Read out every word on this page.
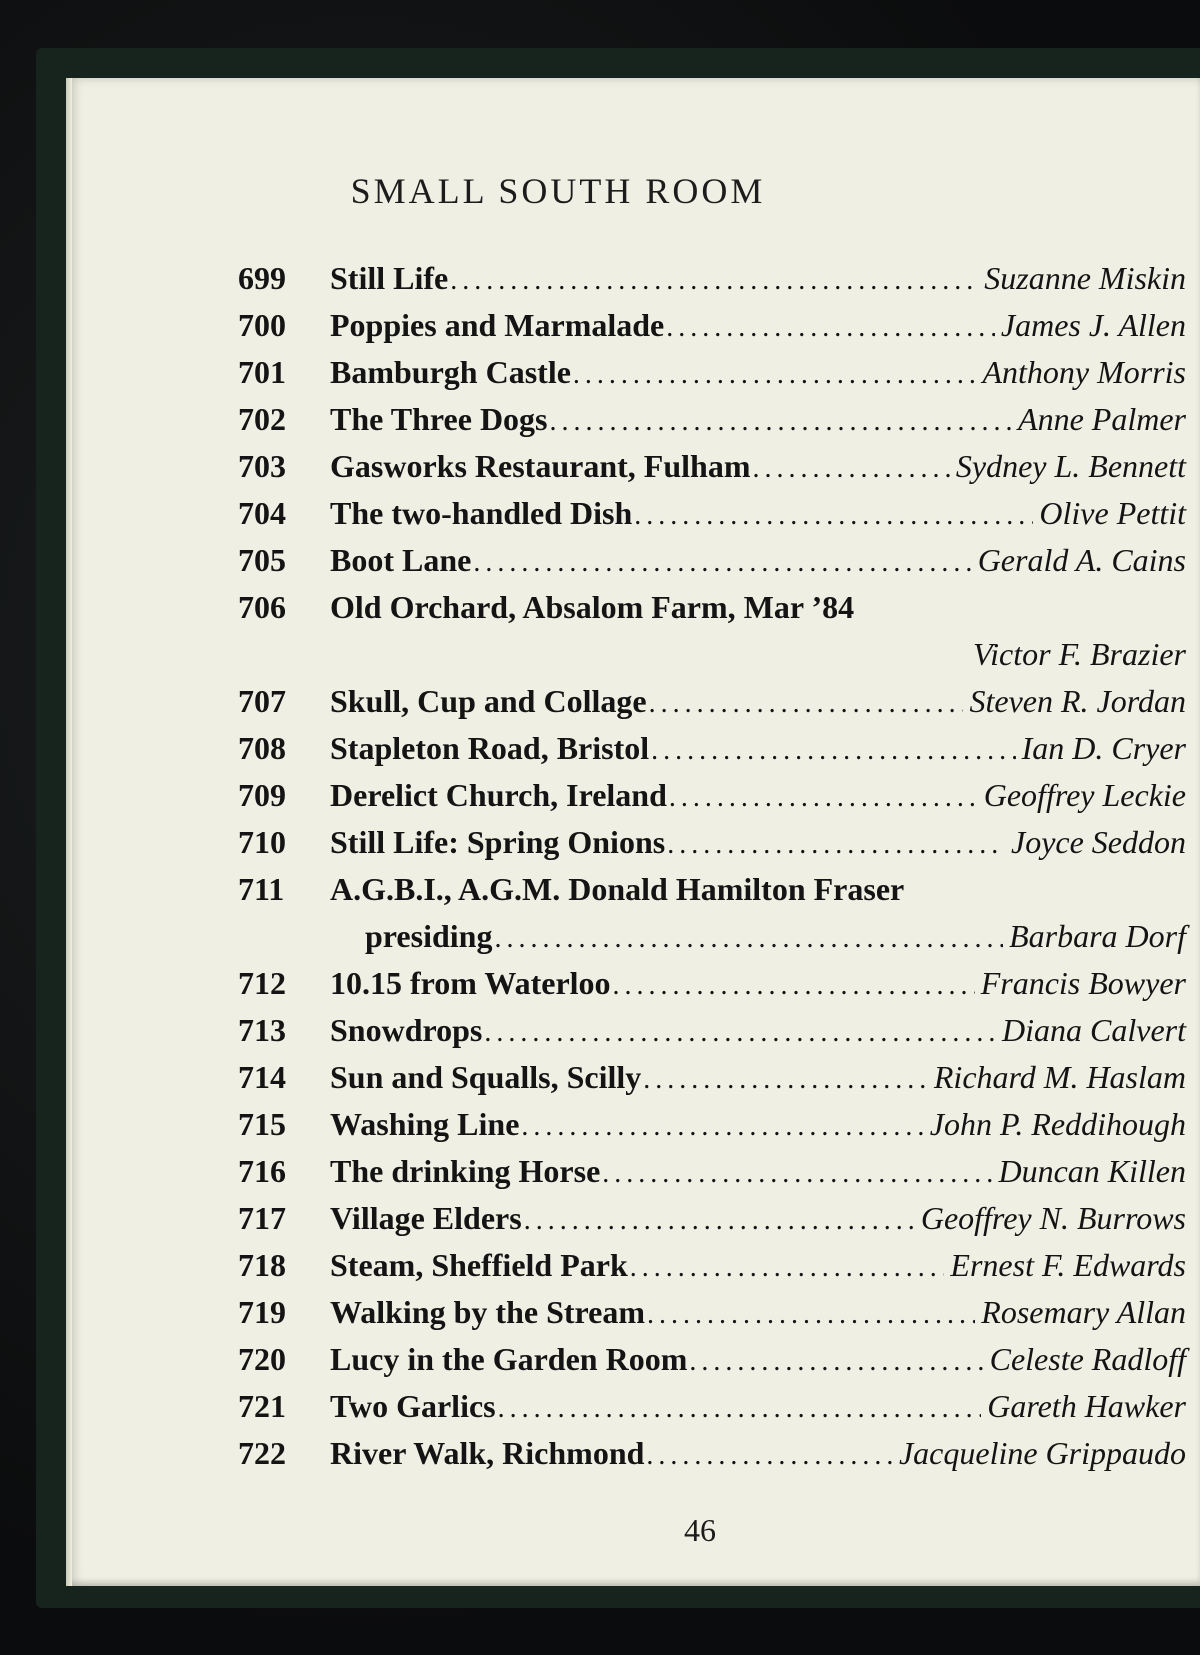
SMALL SOUTH ROOM
699	Still Life .....	Suzanne Miskin
700	Poppies and Marmalade .....	James J. Allen
701	Bamburgh Castle .....	Anthony Morris
702	The Three Dogs .....	Anne Palmer
703	Gasworks Restaurant, Fulham .....	Sydney L. Bennett
704	The two-handled Dish .....	Olive Pettit
705	Boot Lane .....	Gerald A. Cains
706	Old Orchard, Absalom Farm, Mar ’84
Victor F. Brazier
707	Skull, Cup and Collage .....	Steven R. Jordan
708	Stapleton Road, Bristol .....	Ian D. Cryer
709	Derelict Church, Ireland .....	Geoffrey Leckie
710	Still Life: Spring Onions .....	Joyce Seddon
711	A.G.B.I., A.G.M. Donald Hamilton Fraser
presiding .....	Barbara Dorf
712	10.15 from Waterloo .....	Francis Bowyer
713	Snowdrops .....	Diana Calvert
714	Sun and Squalls, Scilly .....	Richard M. Haslam
715	Washing Line .....	John P. Reddihough
716	The drinking Horse .....	Duncan Killen
717	Village Elders .....	Geoffrey N. Burrows
718	Steam, Sheffield Park .....	Ernest F. Edwards
719	Walking by the Stream .....	Rosemary Allan
720	Lucy in the Garden Room .....	Celeste Radloff
721	Two Garlics .....	Gareth Hawker
722	River Walk, Richmond .....	Jacqueline Grippaudo
46
